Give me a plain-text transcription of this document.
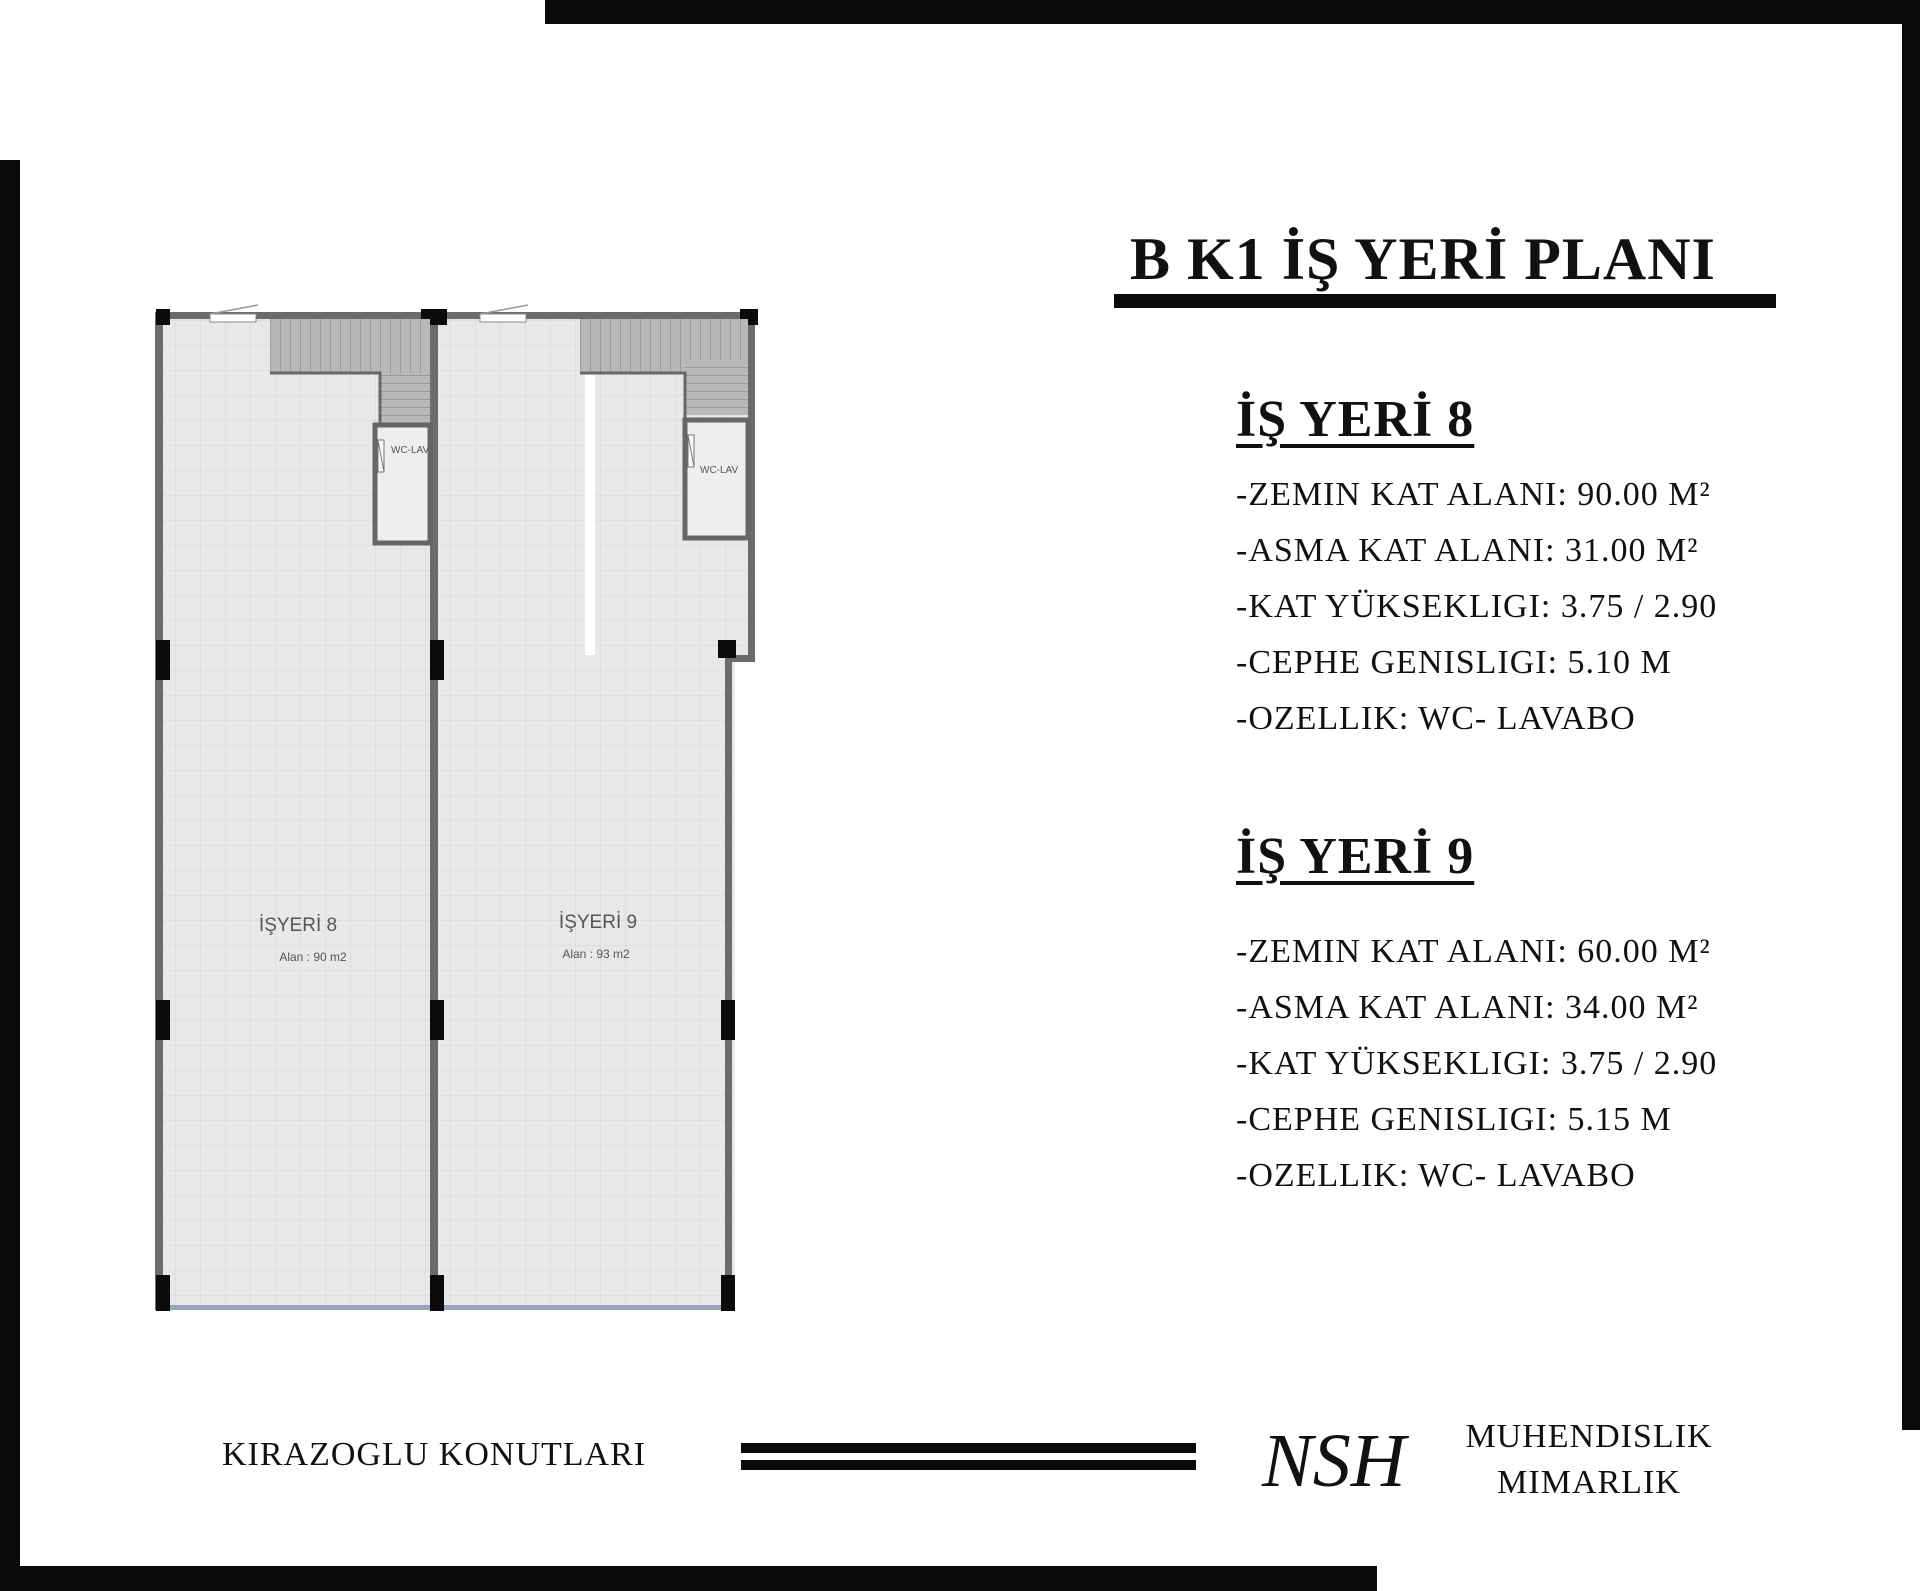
B K1 İŞ YERİ PLANI
İŞ YERİ 8
-ZEMIN KAT ALANI: 90.00 M²
-ASMA KAT ALANI: 31.00 M²
-KAT YÜKSEKLIGI: 3.75 / 2.90
-CEPHE GENISLIGI: 5.10 M
-OZELLIK: WC- LAVABO
İŞ YERİ 9
-ZEMIN KAT ALANI: 60.00 M²
-ASMA KAT ALANI: 34.00 M²
-KAT YÜKSEKLIGI: 3.75 / 2.90
-CEPHE GENISLIGI: 5.15 M
-OZELLIK: WC- LAVABO
WC-LAV
WC-LAV
İŞYERİ 8
Alan : 90 m2
İŞYERİ 9
Alan : 93 m2
KIRAZOGLU KONUTLARI	NSH	MUHENDISLIK
MIMARLIK
